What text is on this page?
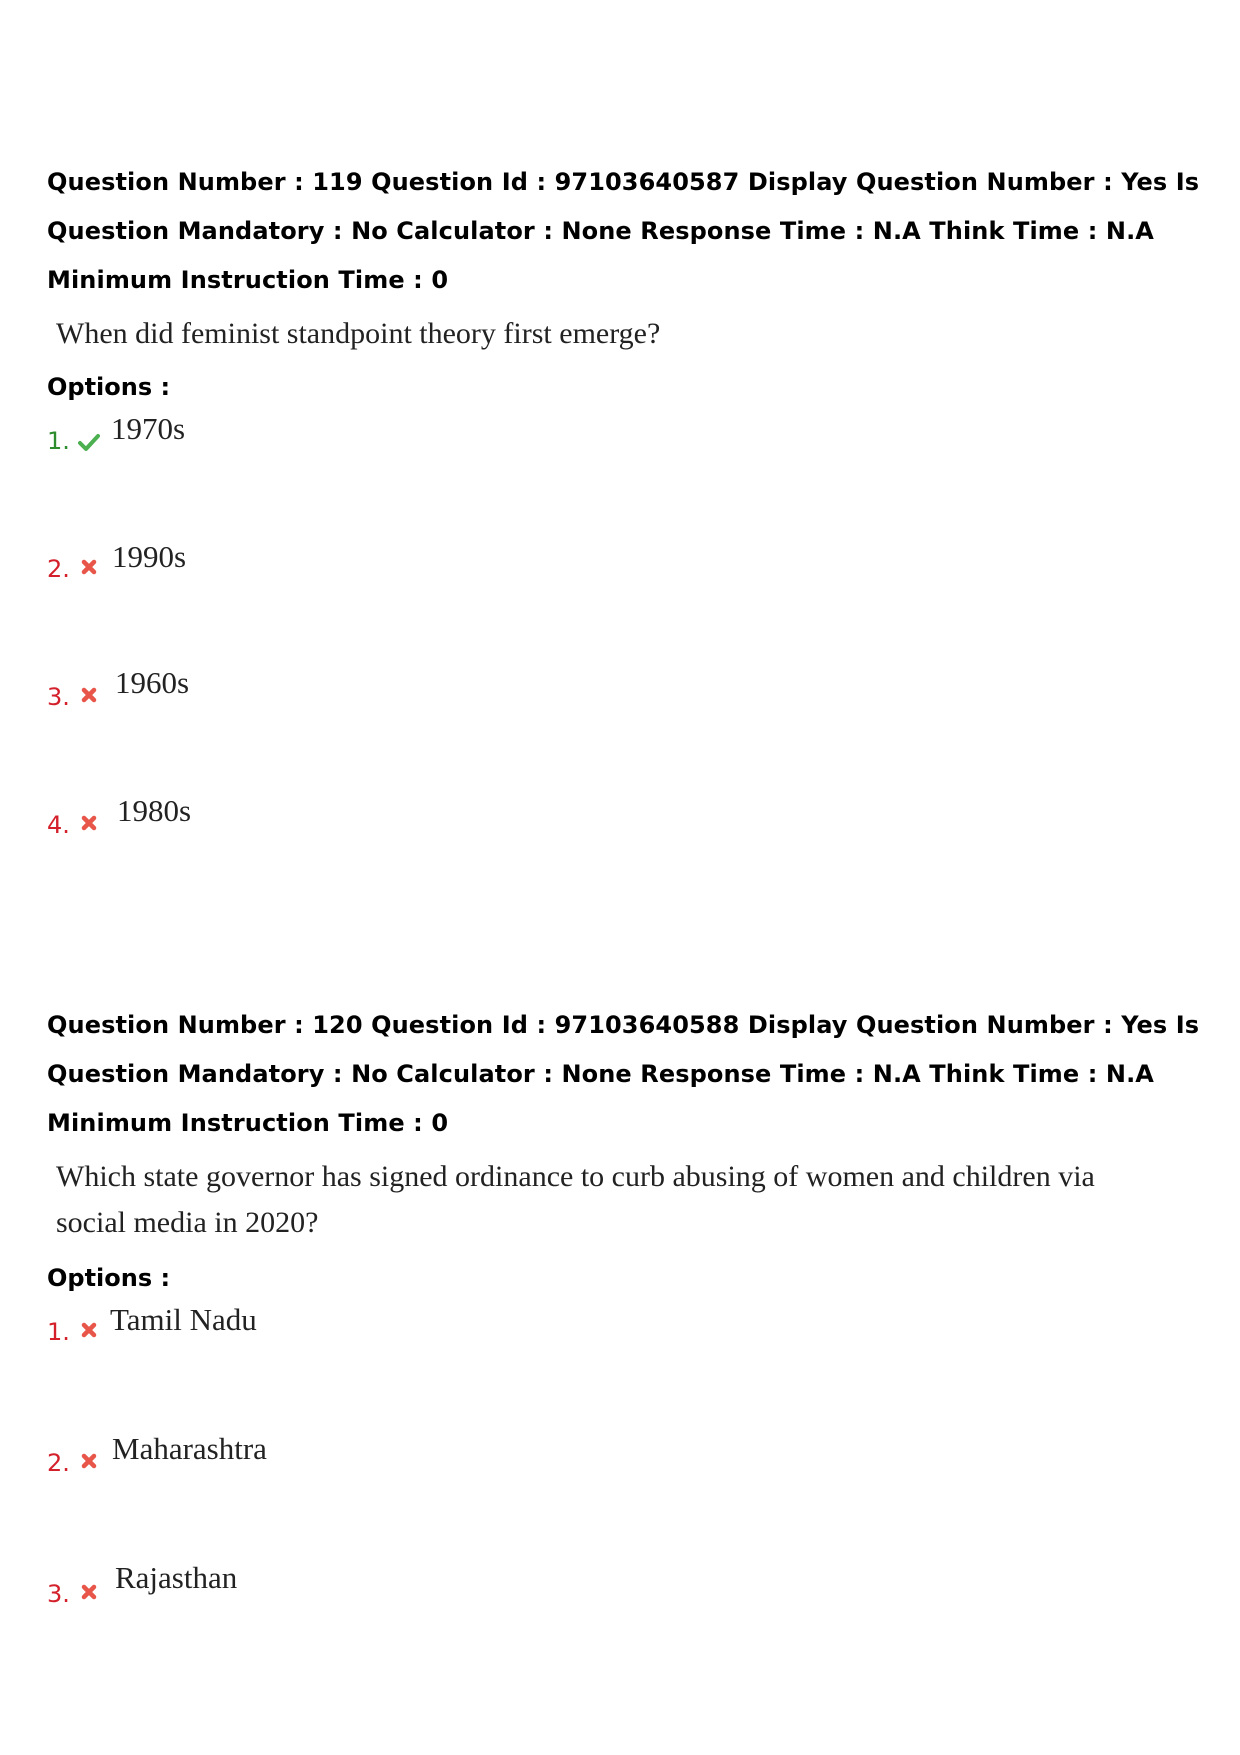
Question Number : 119 Question Id : 97103640587 Display Question Number : Yes Is Question Mandatory : No Calculator : None Response Time : N.A Think Time : N.A Minimum Instruction Time : 0

When did feminist standpoint theory first emerge?

Options :

1. 1970s
2. 1990s
3. 1960s
4. 1980s

Question Number : 120 Question Id : 97103640588 Display Question Number : Yes Is Question Mandatory : No Calculator : None Response Time : N.A Think Time : N.A Minimum Instruction Time : 0

Which state governor has signed ordinance to curb abusing of women and children via
social media in 2020?

Options :

1. Tamil Nadu
2. Maharashtra
3. Rajasthan
